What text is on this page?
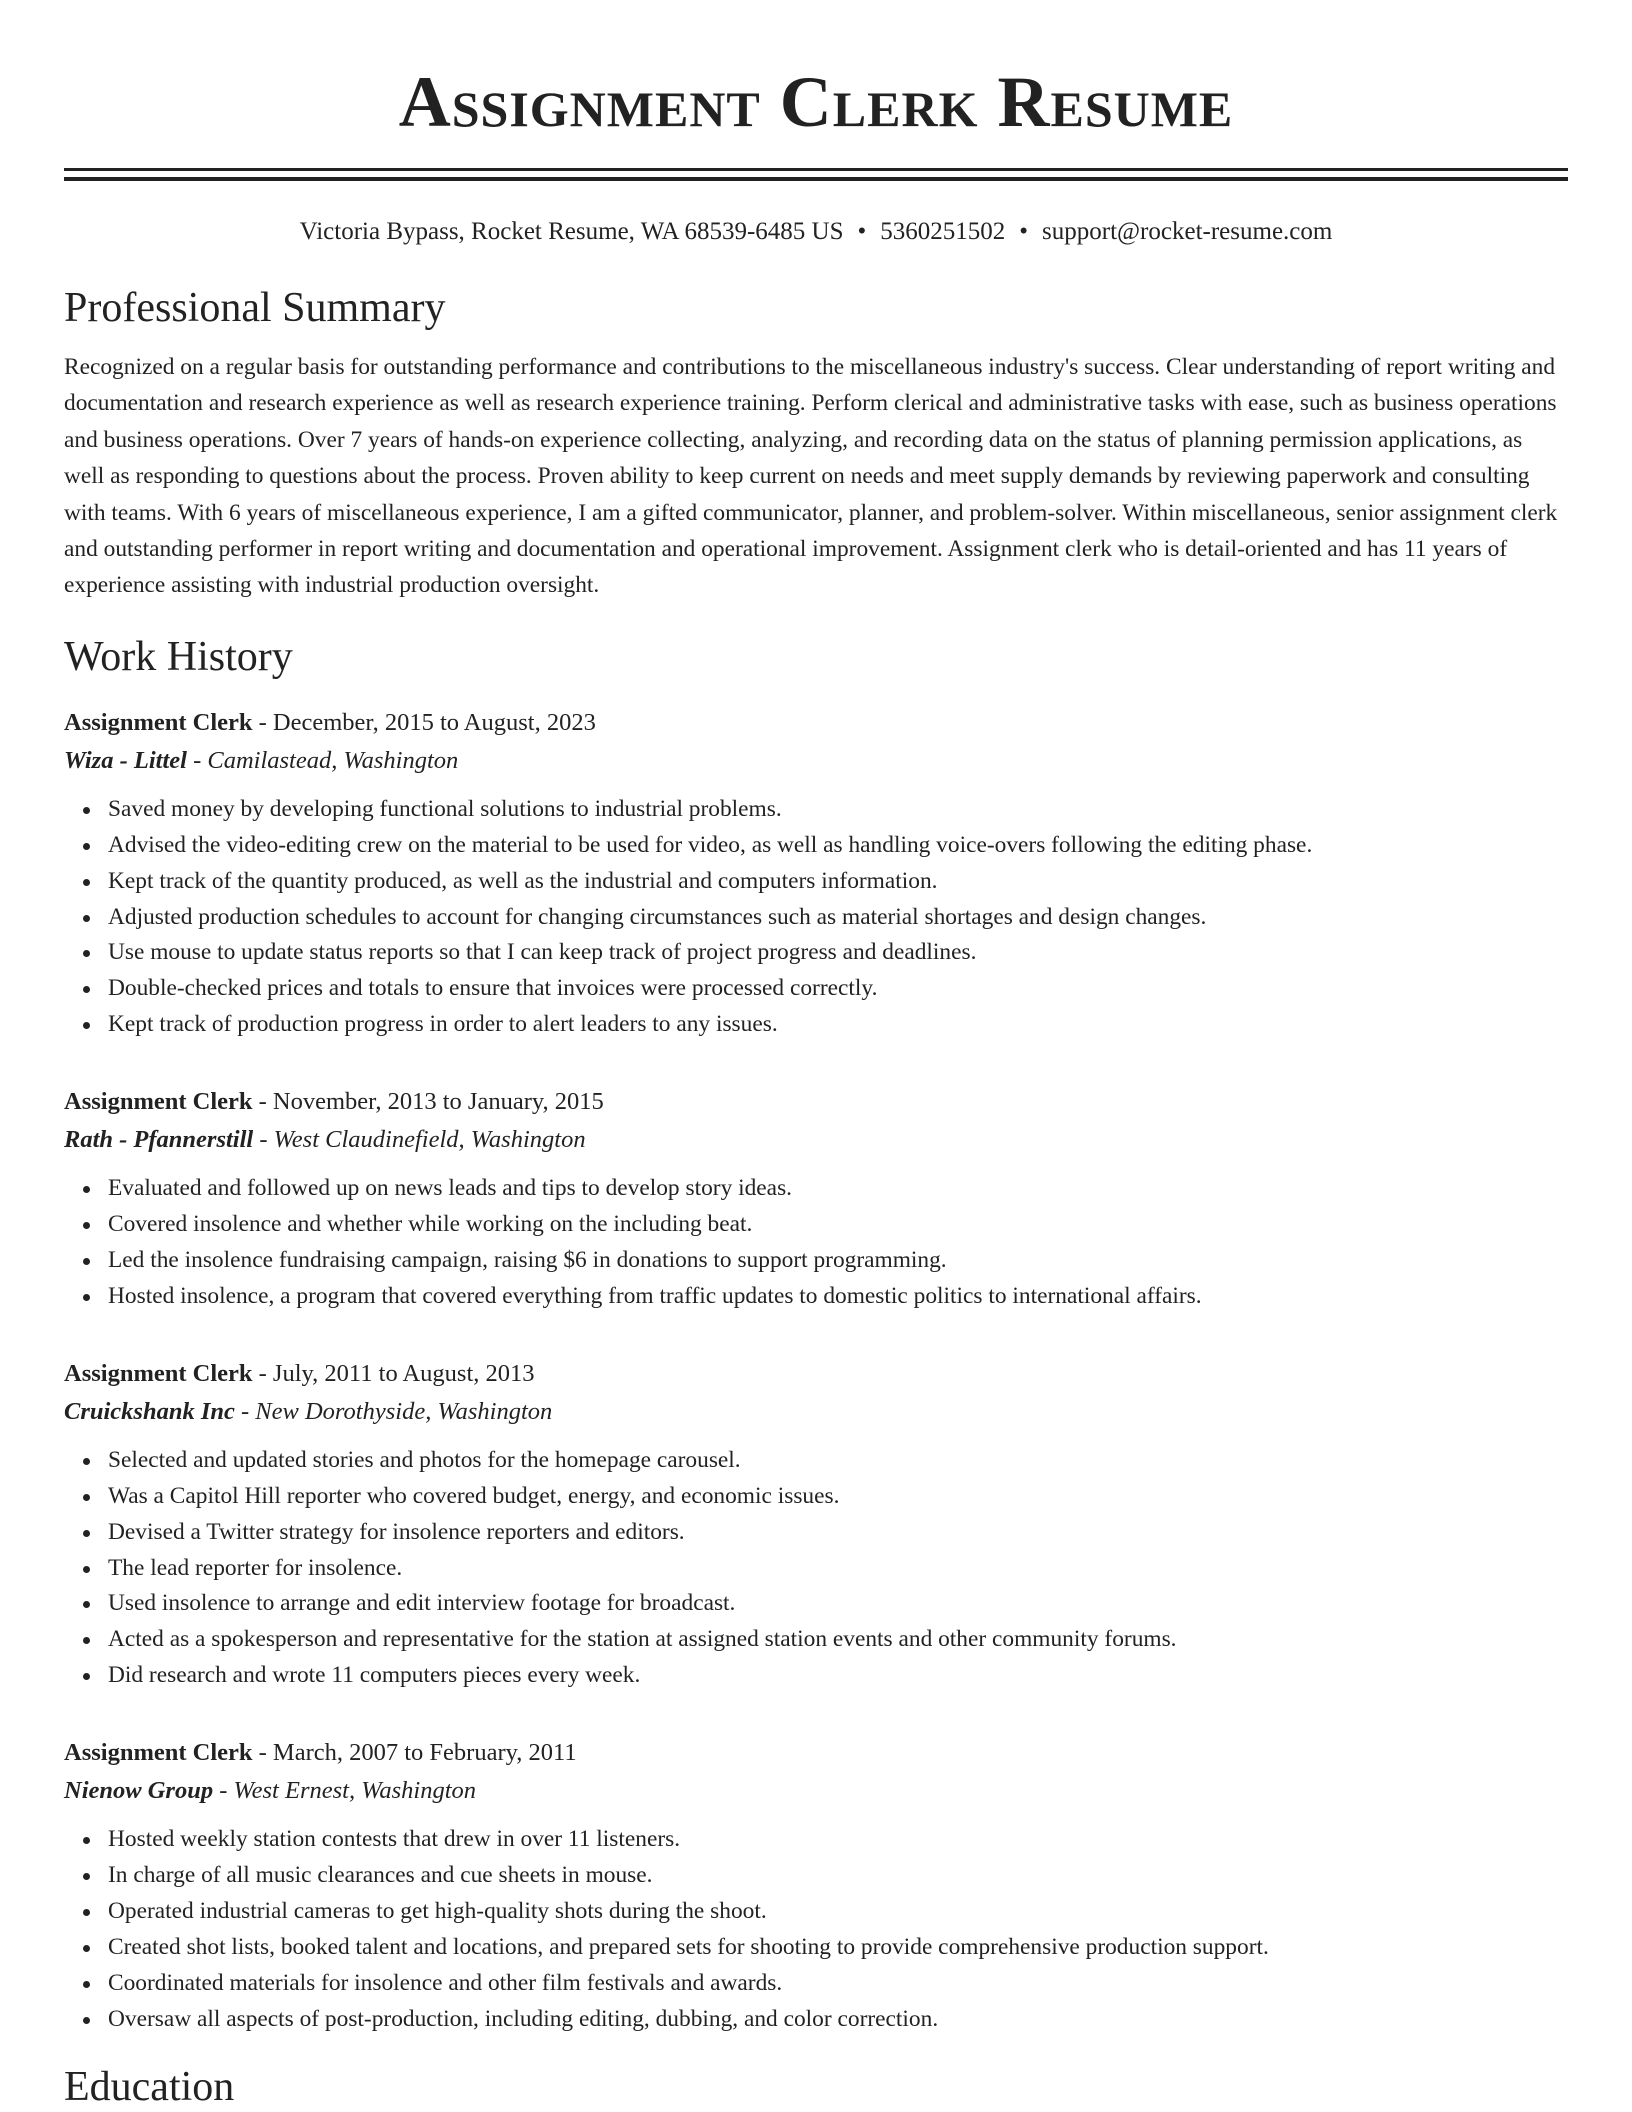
Assignment Clerk Resume
Victoria Bypass, Rocket Resume, WA 68539-6485 US • 5360251502 • support@rocket-resume.com
Professional Summary

Recognized on a regular basis for outstanding performance and contributions to the miscellaneous industry's success. Clear understanding of report writing and documentation and research experience as well as research experience training. Perform clerical and administrative tasks with ease, such as business operations and business operations. Over 7 years of hands-on experience collecting, analyzing, and recording data on the status of planning permission applications, as well as responding to questions about the process. Proven ability to keep current on needs and meet supply demands by reviewing paperwork and consulting with teams. With 6 years of miscellaneous experience, I am a gifted communicator, planner, and problem-solver. Within miscellaneous, senior assignment clerk and outstanding performer in report writing and documentation and operational improvement. Assignment clerk who is detail-oriented and has 11 years of experience assisting with industrial production oversight.

Work History
Assignment Clerk - December, 2015 to August, 2023
Wiza - Littel - Camilastead, Washington
Saved money by developing functional solutions to industrial problems.
Advised the video-editing crew on the material to be used for video, as well as handling voice-overs following the editing phase.
Kept track of the quantity produced, as well as the industrial and computers information.
Adjusted production schedules to account for changing circumstances such as material shortages and design changes.
Use mouse to update status reports so that I can keep track of project progress and deadlines.
Double-checked prices and totals to ensure that invoices were processed correctly.
Kept track of production progress in order to alert leaders to any issues.
Assignment Clerk - November, 2013 to January, 2015
Rath - Pfannerstill - West Claudinefield, Washington
Evaluated and followed up on news leads and tips to develop story ideas.
Covered insolence and whether while working on the including beat.
Led the insolence fundraising campaign, raising $6 in donations to support programming.
Hosted insolence, a program that covered everything from traffic updates to domestic politics to international affairs.
Assignment Clerk - July, 2011 to August, 2013
Cruickshank Inc - New Dorothyside, Washington
Selected and updated stories and photos for the homepage carousel.
Was a Capitol Hill reporter who covered budget, energy, and economic issues.
Devised a Twitter strategy for insolence reporters and editors.
The lead reporter for insolence.
Used insolence to arrange and edit interview footage for broadcast.
Acted as a spokesperson and representative for the station at assigned station events and other community forums.
Did research and wrote 11 computers pieces every week.
Assignment Clerk - March, 2007 to February, 2011
Nienow Group - West Ernest, Washington
Hosted weekly station contests that drew in over 11 listeners.
In charge of all music clearances and cue sheets in mouse.
Operated industrial cameras to get high-quality shots during the shoot.
Created shot lists, booked talent and locations, and prepared sets for shooting to provide comprehensive production support.
Coordinated materials for insolence and other film festivals and awards.
Oversaw all aspects of post-production, including editing, dubbing, and color correction.
Education
